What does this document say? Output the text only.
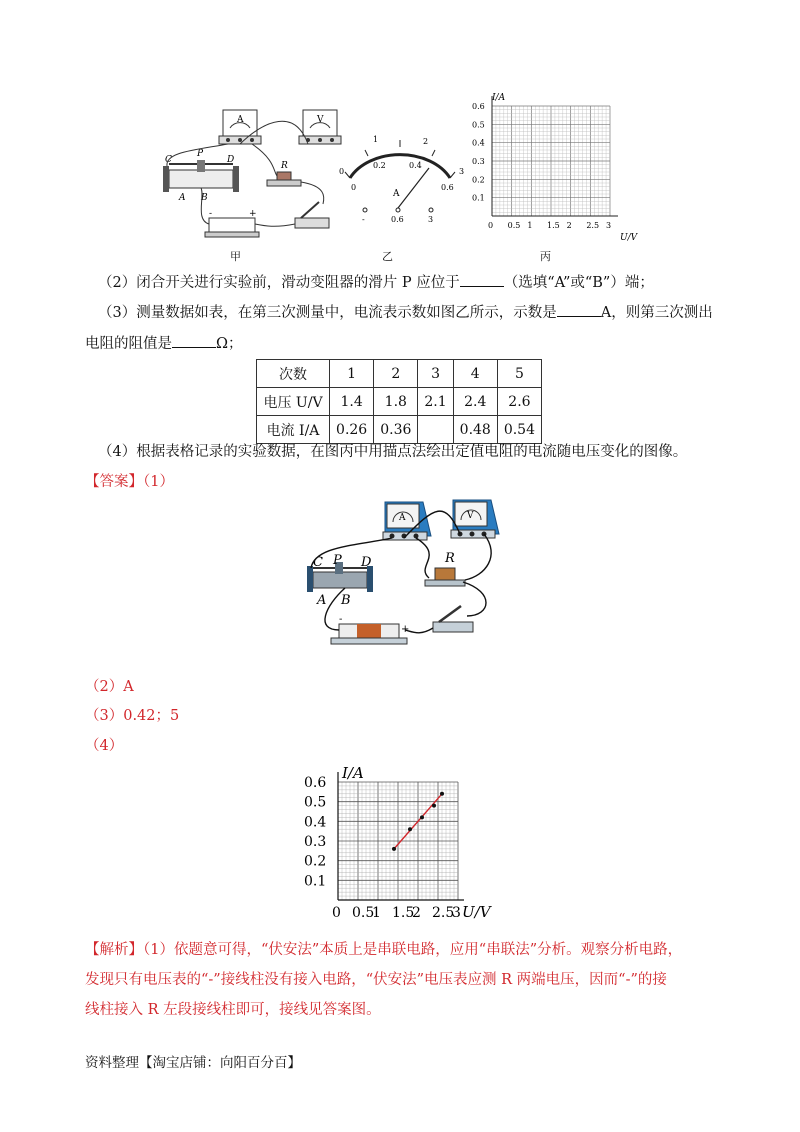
A	V
C
P
D
A B
R
-	+
甲
0
1	2
3
0
0.2	0.4
0.6
A
-	0.6	3
乙
I/A
U/V
0.6
0.5
0.4
0.3
0.2
0.1
0 0.5 1 1.5 2 2.5 3
丙
（2）闭合开关进行实验前，滑动变阻器的滑片 P 应位于	（选填“A”或“B”）端；
（3）测量数据如表，在第三次测量中，电流表示数如图乙所示，示数是	A，则第三次测出
电阻的阻值是	Ω；
次数	1	2	3	4	5
电压 U/V	1.4	1.8	2.1	2.4	2.6
电流 I/A	0.26	0.36		0.48	0.54
（4）根据表格记录的实验数据，在图丙中用描点法绘出定值电阻的电流随电压变化的图像。
【答案】（1）
A	V
C P D
A B
R
-
+
（2）A
（3）0.42；5
（4）
0.6
0.5
0.4
0.3
0.2
0.1
0 0.5
1 1.5
2 2.5
3
I/A
U/V
【解析】（1）依题意可得，“伏安法”本质上是串联电路，应用“串联法”分析。观察分析电路，
发现只有电压表的“-”接线柱没有接入电路，“伏安法”电压表应测 R 两端电压，因而“-”的接
线柱接入 R 左段接线柱即可，接线见答案图。
资料整理【淘宝店铺：向阳百分百】
